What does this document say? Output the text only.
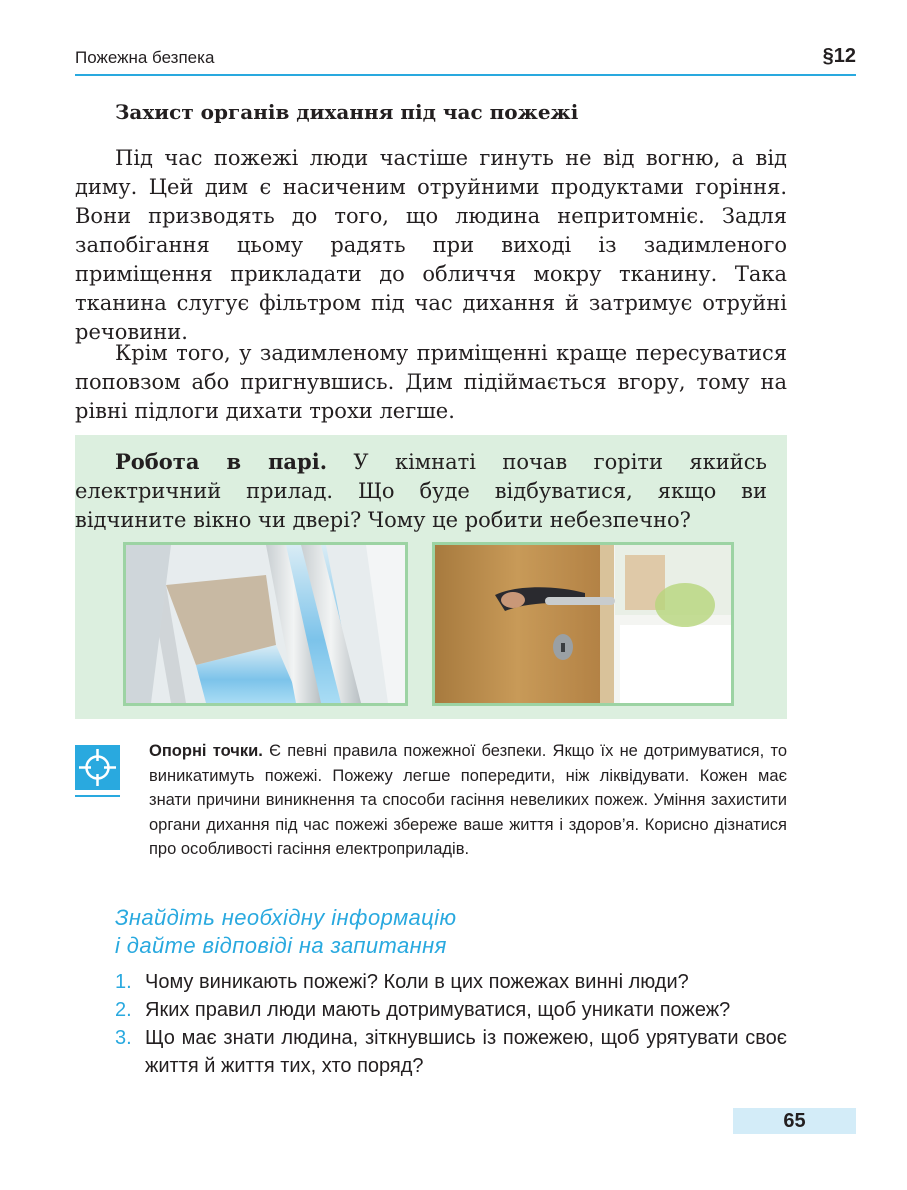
Пожежна безпека	§12
Захист органів дихання під час пожежі

Під час пожежі люди частіше гинуть не від вогню, а від диму. Цей дим є насиченим отруйними продуктами горіння. Вони призводять до того, що людина непритомніє. Задля запобігання цьому радять при виході із задимленого приміщення прикладати до обличчя мокру тканину. Така тканина слугує фільтром під час дихання й затримує отруйні речовини.

Крім того, у задимленому приміщенні краще пересуватися поповзом або пригнувшись. Дим підіймається вгору, тому на рівні підлоги дихати трохи легше.

Робота в парі. У кімнаті почав горіти якийсь електричний прилад. Що буде відбуватися, якщо ви відчините вікно чи двері? Чому це робити небезпечно?

Опорні точки. Є певні правила пожежної безпеки. Якщо їх не дотримуватися, то виникатимуть пожежі. Пожежу легше попередити, ніж ліквідувати. Кожен має знати причини виникнення та способи гасіння невеликих пожеж. Уміння захистити органи дихання під час пожежі збереже ваше життя і здоров’я. Корисно дізнатися про особливості гасіння електроприладів.

Знайдіть необхідну інформацію
і дайте відповіді на запитання
1. Чому виникають пожежі? Коли в цих пожежах винні люди?
2. Яких правил люди мають дотримуватися, щоб уникати пожеж?
3. Що має знати людина, зіткнувшись із пожежею, щоб урятувати своє життя й життя тих, хто поряд?
65
